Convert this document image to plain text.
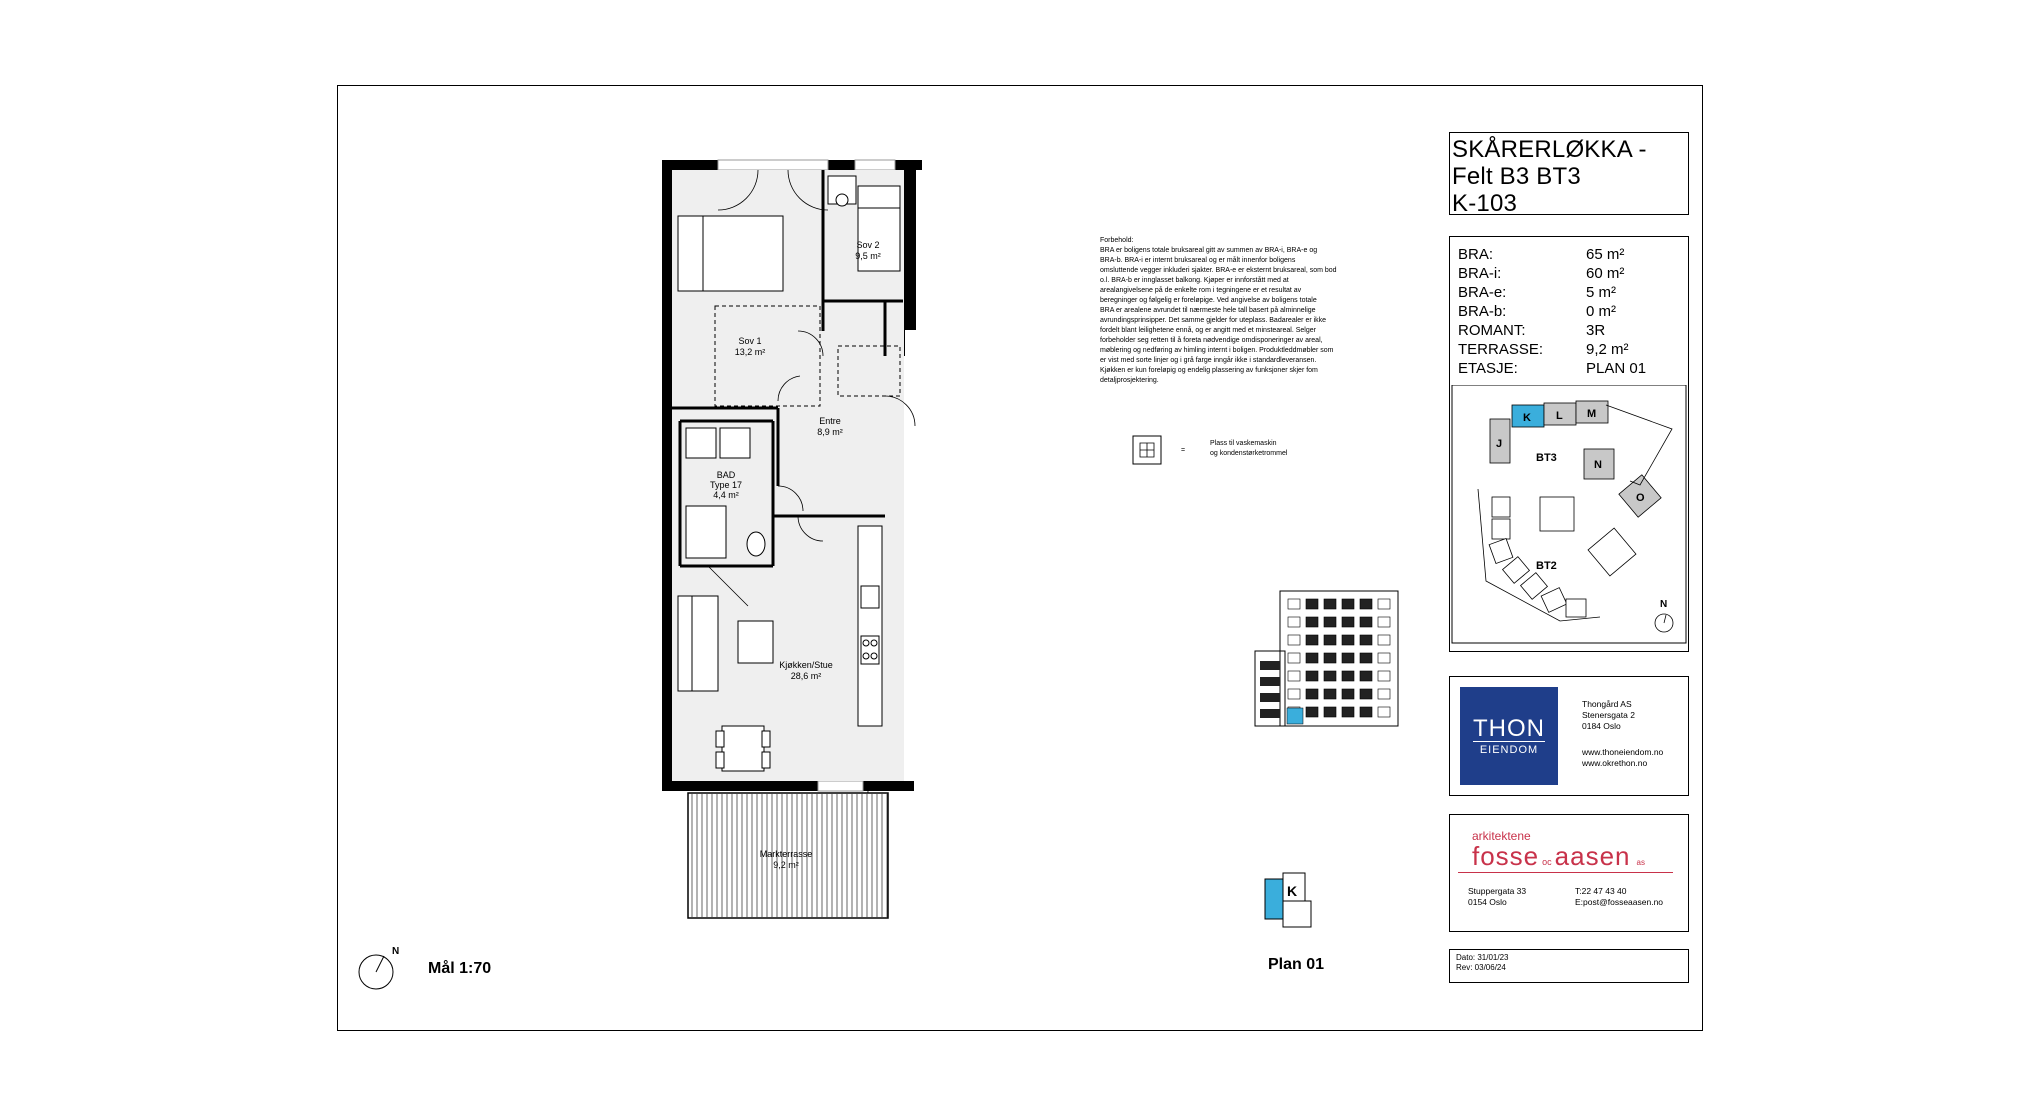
Sov 1
13,2 m²
Sov 2
9,5 m²
Entre
8,9 m²
BAD
Type 17
4,4 m²
Kjøkken/Stue
28,6 m²
Markterrasse
9,2 m²
Forbehold:
BRA er boligens totale bruksareal gitt av summen av BRA-i, BRA-e og
BRA-b. BRA-i er internt bruksareal og er målt innenfor boligens
omsluttende vegger inkluderi sjakter. BRA-e er eksternt bruksareal, som bod
o.l. BRA-b er innglasset balkong. Kjøper er innforstått med at
arealangivelsene på de enkelte rom i tegningene er et resultat av
beregninger og følgelig er foreløpige. Ved angivelse av boligens totale
BRA er arealene avrundet til nærmeste hele tall basert på alminnelige
avrundingsprinsipper. Det samme gjelder for uteplass. Badarealer er ikke
fordelt blant leilighetene ennå, og er angitt med et minsteareal. Selger
forbeholder seg retten til å foreta nødvendige omdisponeringer av areal,
møblering og nedføring av himling internt i boligen. Produktleddmøbler som
er vist med sorte linjer og i grå farge inngår ikke i standardleveransen.
Kjøkken er kun foreløpig og endelig plassering av funksjoner skjer fom
detaljprosjektering.
=
Plass til vaskemaskin
og kondenstørketrommel
K
Plan 01
N
Mål 1:70
SKÅRERLØKKA -
Felt B3 BT3
K-103
BRA:	65 m²
BRA-i:	60 m²
BRA-e:	5 m²
BRA-b:	0 m²
ROMANT:	3R
TERRASSE:	9,2 m²
ETASJE:	PLAN 01
J
K L M
N
O
BT3
BT2
N
THON
EIENDOM
Thongård AS
Stenersgata 2
0184 Oslo
www.thoneiendom.no
www.okrethon.no
arkitektene
fosse oc aasen as
Stuppergata 33
0154 Oslo
T:22 47 43 40
E:post@fosseaasen.no
Dato: 31/01/23
Rev: 03/06/24
